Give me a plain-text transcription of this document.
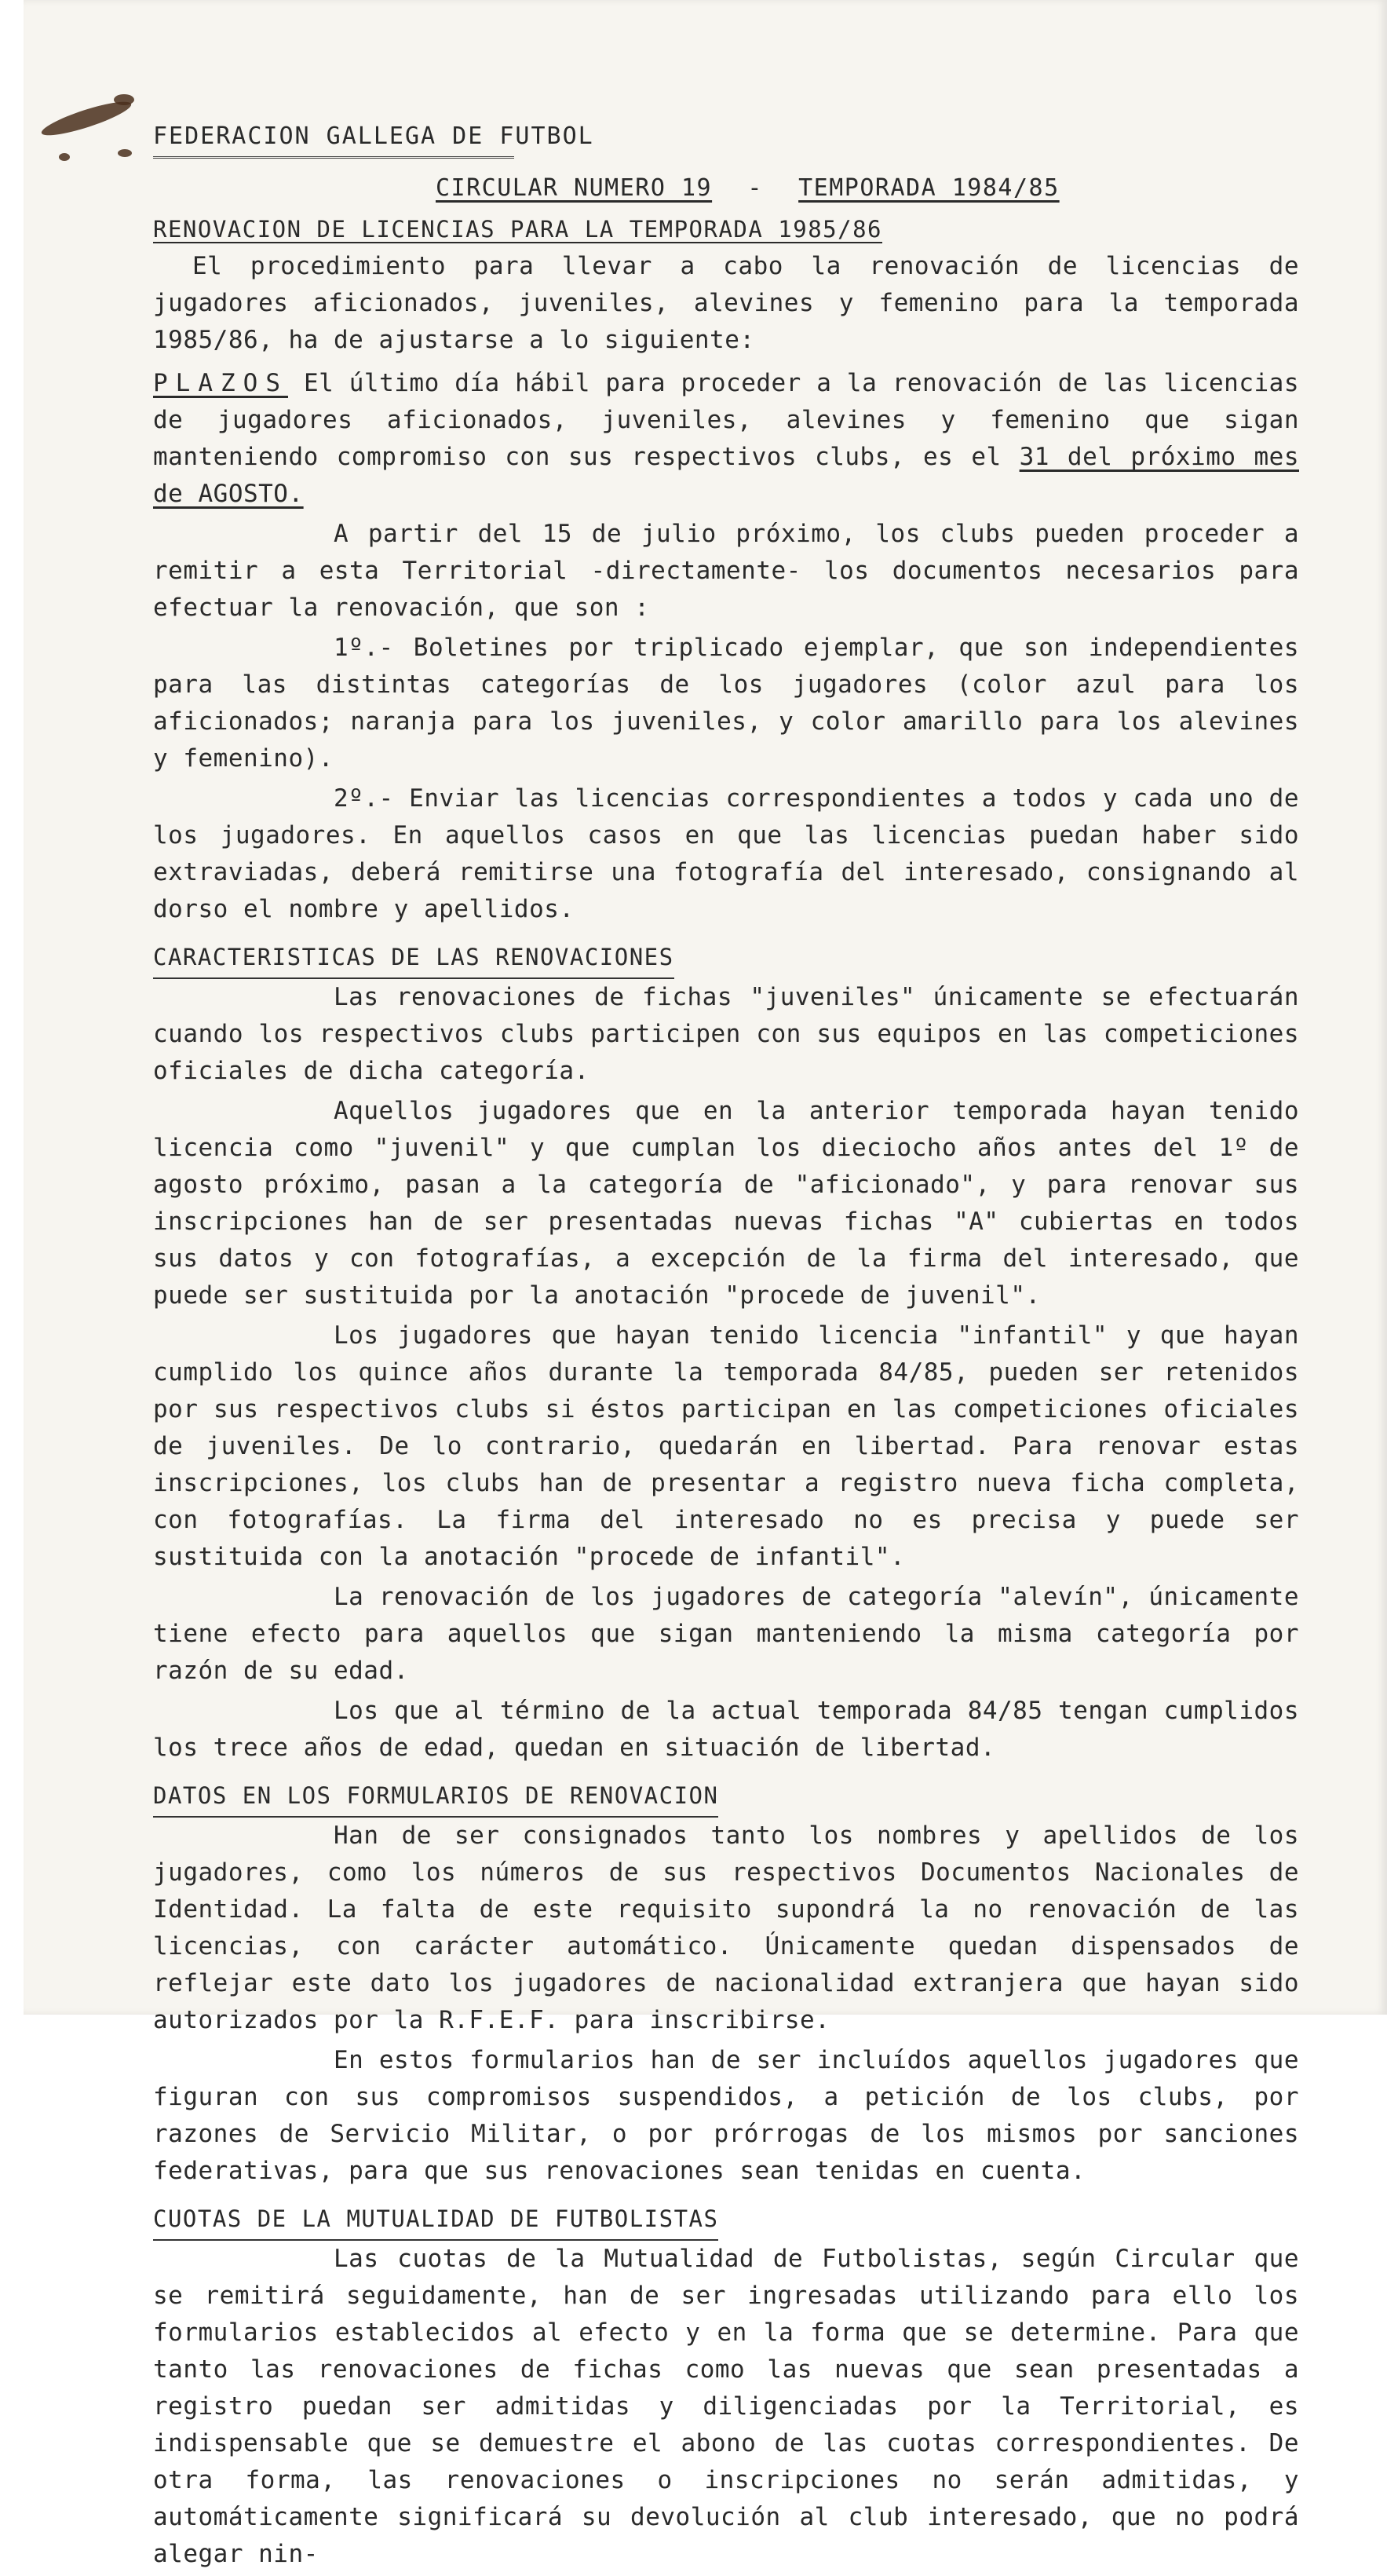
FEDERACION GALLEGA DE FUTBOL
CIRCULAR NUMERO 19 - TEMPORADA 1984/85
RENOVACION DE LICENCIAS PARA LA TEMPORADA 1985/86

El procedimiento para llevar a cabo la renovación de licencias de jugadores aficionados, juveniles, alevines y femenino para la temporada 1985/86, ha de ajustarse a lo siguiente:

PLAZOS El último día hábil para proceder a la renovación de las licencias de jugadores aficionados, juveniles, alevines y femenino que sigan manteniendo compromiso con sus respectivos clubs, es el 31 del próximo mes de AGOSTO.

A partir del 15 de julio próximo, los clubs pueden proceder a remitir a esta Territorial -directamente- los documentos necesarios para efectuar la renovación, que son :

1º.- Boletines por triplicado ejemplar, que son independientes para las distintas categorías de los jugadores (color azul para los aficionados; naranja para los juveniles, y color amarillo para los alevines y femenino).

2º.- Enviar las licencias correspondientes a todos y cada uno de los jugadores. En aquellos casos en que las licencias puedan haber sido extraviadas, deberá remitirse una fotografía del interesado, consignando al dorso el nombre y apellidos.

CARACTERISTICAS DE LAS RENOVACIONES

Las renovaciones de fichas "juveniles" únicamente se efectuarán cuando los respectivos clubs participen con sus equipos en las competiciones oficiales de dicha categoría.

Aquellos jugadores que en la anterior temporada hayan tenido licencia como "juvenil" y que cumplan los dieciocho años antes del 1º de agosto próximo, pasan a la categoría de "aficionado", y para renovar sus inscripciones han de ser presentadas nuevas fichas "A" cubiertas en todos sus datos y con fotografías, a excepción de la firma del interesado, que puede ser sustituida por la anotación "procede de juvenil".

Los jugadores que hayan tenido licencia "infantil" y que hayan cumplido los quince años durante la temporada 84/85, pueden ser retenidos por sus respectivos clubs si éstos participan en las competiciones oficiales de juveniles. De lo contrario, quedarán en libertad. Para renovar estas inscripciones, los clubs han de presentar a registro nueva ficha completa, con fotografías. La firma del interesado no es precisa y puede ser sustituida con la anotación "procede de infantil".

La renovación de los jugadores de categoría "alevín", únicamente tiene efecto para aquellos que sigan manteniendo la misma categoría por razón de su edad.

Los que al término de la actual temporada 84/85 tengan cumplidos los trece años de edad, quedan en situación de libertad.

DATOS EN LOS FORMULARIOS DE RENOVACION

Han de ser consignados tanto los nombres y apellidos de los jugadores, como los números de sus respectivos Documentos Nacionales de Identidad. La falta de este requisito supondrá la no renovación de las licencias, con carácter automático. Únicamente quedan dispensados de reflejar este dato los jugadores de nacionalidad extranjera que hayan sido autorizados por la R.F.E.F. para inscribirse.

En estos formularios han de ser incluídos aquellos jugadores que figuran con sus compromisos suspendidos, a petición de los clubs, por razones de Servicio Militar, o por prórrogas de los mismos por sanciones federativas, para que sus renovaciones sean tenidas en cuenta.

CUOTAS DE LA MUTUALIDAD DE FUTBOLISTAS

Las cuotas de la Mutualidad de Futbolistas, según Circular que se remitirá seguidamente, han de ser ingresadas utilizando para ello los formularios establecidos al efecto y en la forma que se determine. Para que tanto las renovaciones de fichas como las nuevas que sean presentadas a registro puedan ser admitidas y diligenciadas por la Territorial, es indispensable que se demuestre el abono de las cuotas correspondientes. De otra forma, las renovaciones o inscripciones no serán admitidas, y automáticamente significará su devolución al club interesado, que no podrá alegar nin-
